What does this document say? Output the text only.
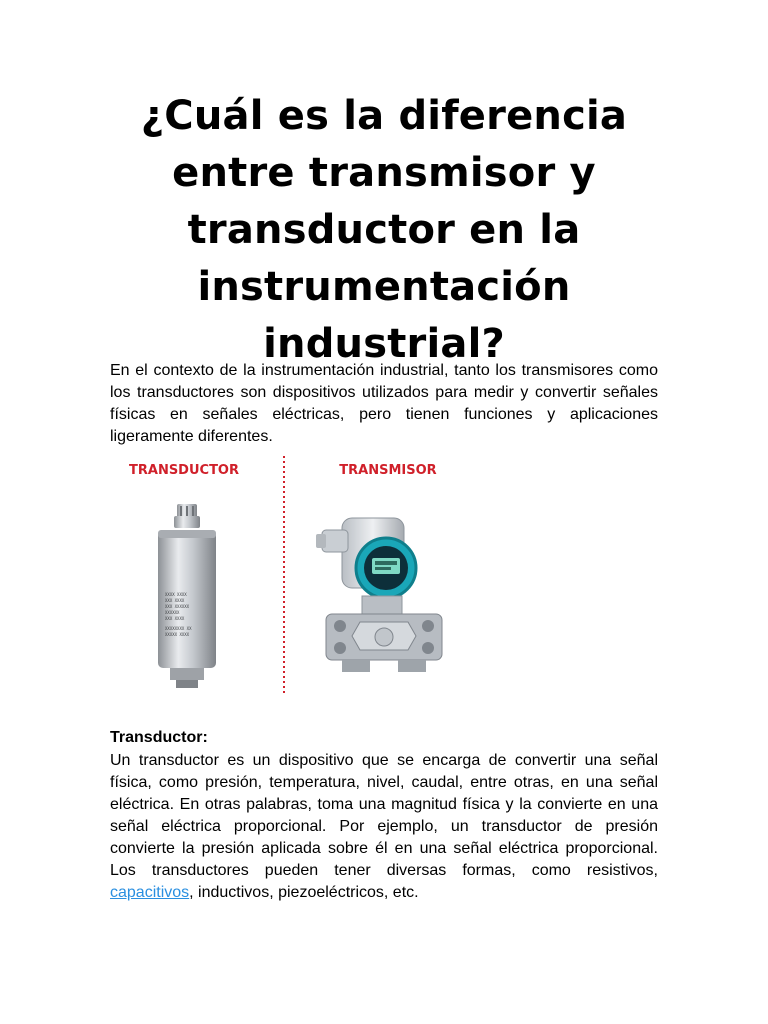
¿Cuál es la diferencia entre transmisor y transductor en la instrumentación industrial?

En el contexto de la instrumentación industrial, tanto los transmisores como los transductores son dispositivos utilizados para medir y convertir señales físicas en señales eléctricas, pero tienen funciones y aplicaciones ligeramente diferentes.

TRANSDUCTOR	TRANSMISOR
XXXX XXXX
XXX XXXX
XXX XXXXXX
XXXXXX
XXX XXXX
XXXXXXXX XX
XXXXX XXXX

Transductor:

Un transductor es un dispositivo que se encarga de convertir una señal física, como presión, temperatura, nivel, caudal, entre otras, en una señal eléctrica. En otras palabras, toma una magnitud física y la convierte en una señal eléctrica proporcional. Por ejemplo, un transductor de presión convierte la presión aplicada sobre él en una señal eléctrica proporcional. Los transductores pueden tener diversas formas, como resistivos, capacitivos, inductivos, piezoeléctricos, etc.
